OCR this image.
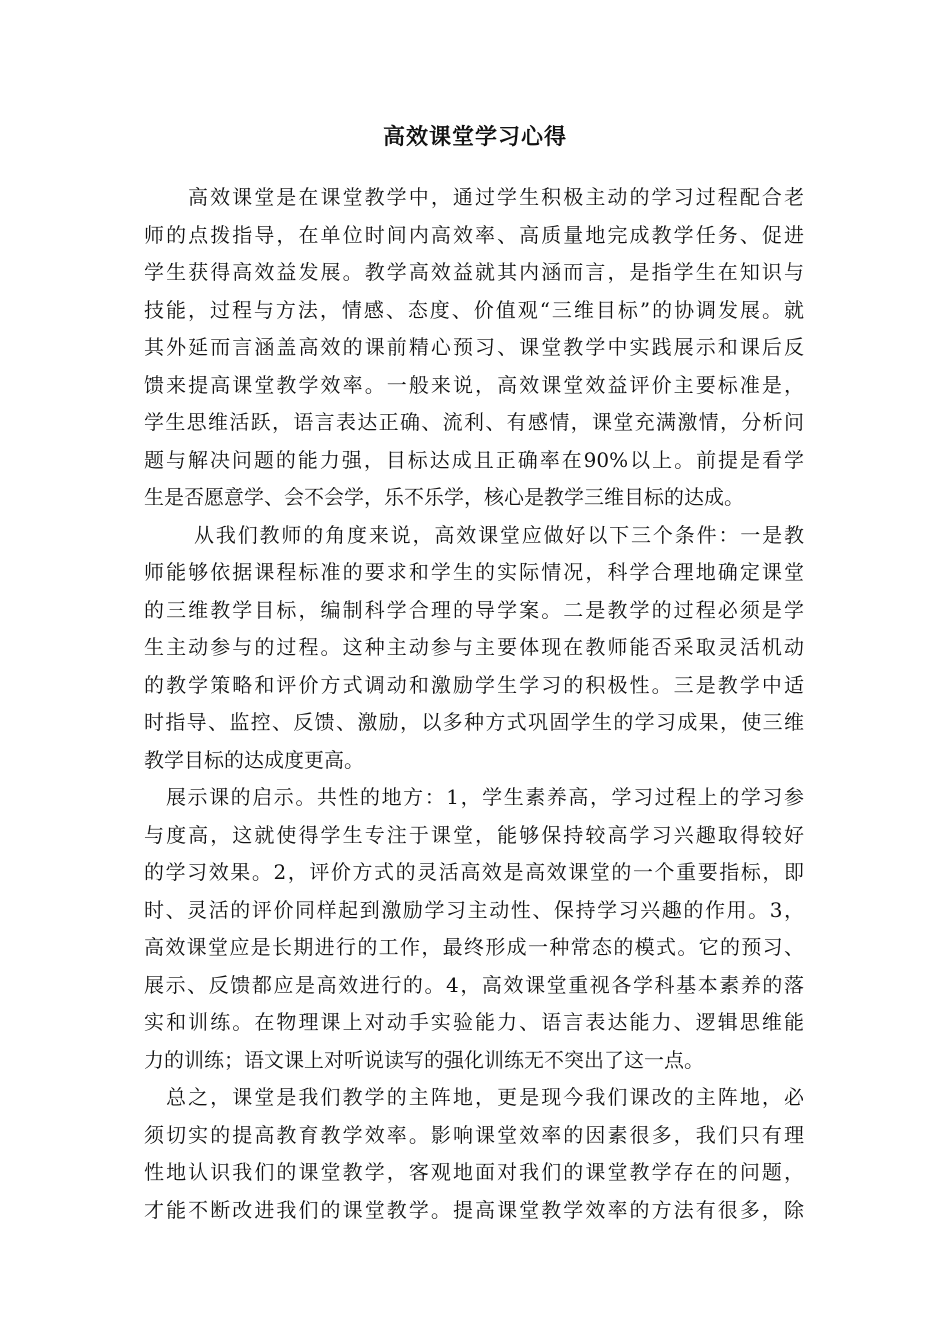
高效课堂学习心得
高效课堂是在课堂教学中，通过学生积极主动的学习过程配合老
师的点拨指导，在单位时间内高效率、高质量地完成教学任务、促进
学生获得高效益发展。教学高效益就其内涵而言，是指学生在知识与
技能，过程与方法，情感、态度、价值观“三维目标”的协调发展。就
其外延而言涵盖高效的课前精心预习、课堂教学中实践展示和课后反
馈来提高课堂教学效率。一般来说，高效课堂效益评价主要标准是，
学生思维活跃，语言表达正确、流利、有感情，课堂充满激情，分析问
题与解决问题的能力强，目标达成且正确率在90%以上。前提是看学
生是否愿意学、会不会学，乐不乐学，核心是教学三维目标的达成。
从我们教师的角度来说，高效课堂应做好以下三个条件：一是教
师能够依据课程标准的要求和学生的实际情况，科学合理地确定课堂
的三维教学目标，编制科学合理的导学案。二是教学的过程必须是学
生主动参与的过程。这种主动参与主要体现在教师能否采取灵活机动
的教学策略和评价方式调动和激励学生学习的积极性。三是教学中适
时指导、监控、反馈、激励，以多种方式巩固学生的学习成果，使三维
教学目标的达成度更高。
展示课的启示。共性的地方：1，学生素养高，学习过程上的学习参
与度高，这就使得学生专注于课堂，能够保持较高学习兴趣取得较好
的学习效果。2，评价方式的灵活高效是高效课堂的一个重要指标，即
时、灵活的评价同样起到激励学习主动性、保持学习兴趣的作用。3，
高效课堂应是长期进行的工作，最终形成一种常态的模式。它的预习、
展示、反馈都应是高效进行的。4，高效课堂重视各学科基本素养的落
实和训练。在物理课上对动手实验能力、语言表达能力、逻辑思维能
力的训练；语文课上对听说读写的强化训练无不突出了这一点。
总之，课堂是我们教学的主阵地，更是现今我们课改的主阵地，必
须切实的提高教育教学效率。影响课堂效率的因素很多，我们只有理
性地认识我们的课堂教学，客观地面对我们的课堂教学存在的问题，
才能不断改进我们的课堂教学。提高课堂教学效率的方法有很多，除
